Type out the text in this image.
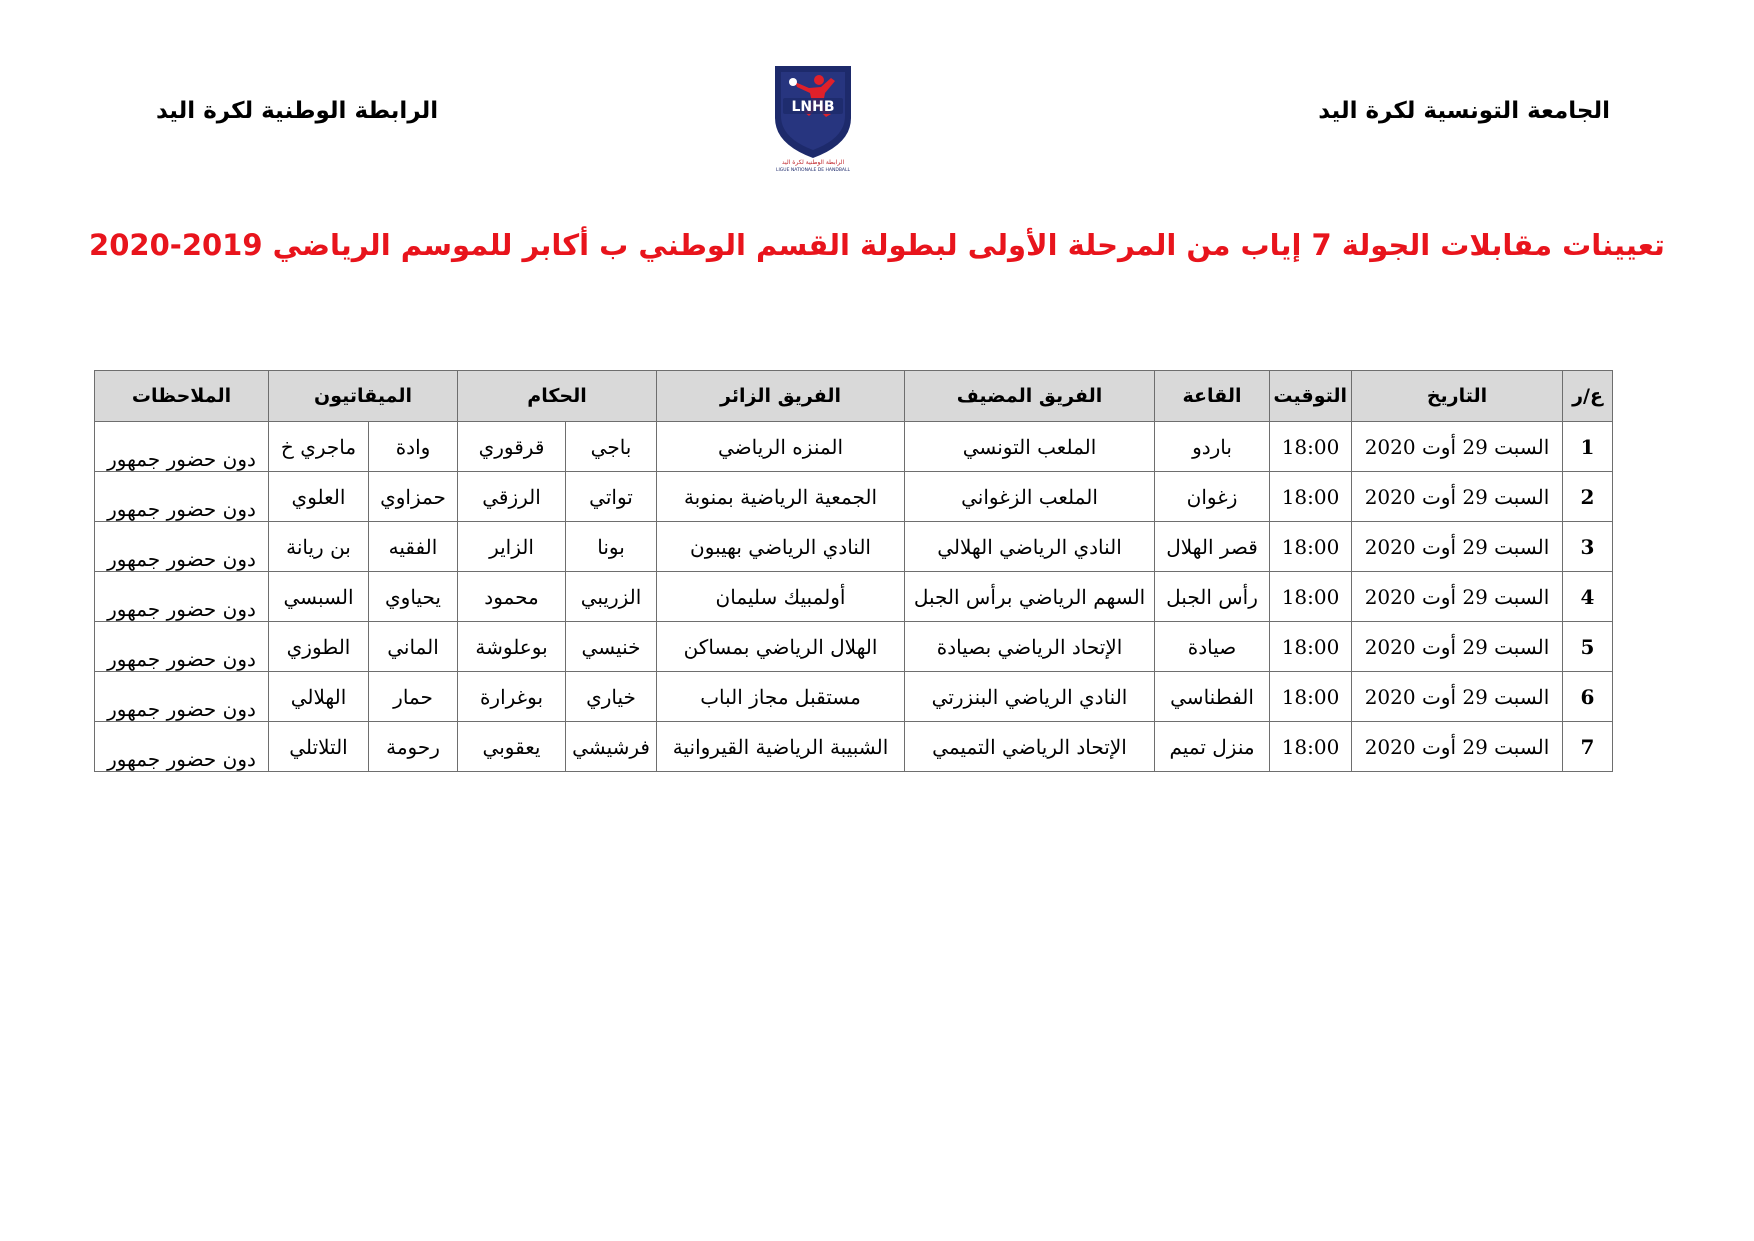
الجامعة التونسية لكرة اليد
LNHB
الرابطة الوطنية لكرة اليد
LIGUE NATIONALE DE HANDBALL
الرابطة الوطنية لكرة اليد
تعيينات مقابلات الجولة 7 إياب من المرحلة الأولى لبطولة القسم الوطني ب أكابر للموسم الرياضي 2019-2020
ع/ر	التاريخ	التوقيت	القاعة	الفريق المضيف	الفريق الزائر	الحكام		الميقاتيون		الملاحظات
1	السبت 29 أوت 2020	18:00	باردو	الملعب التونسي	المنزه الرياضي	باجي	قرقوري	وادة	ماجري خ	دون حضور جمهور
2	السبت 29 أوت 2020	18:00	زغوان	الملعب الزغواني	الجمعية الرياضية بمنوبة	تواتي	الرزقي	حمزاوي	العلوي	دون حضور جمهور
3	السبت 29 أوت 2020	18:00	قصر الهلال	النادي الرياضي الهلالي	النادي الرياضي بهيبون	بونا	الزاير	الفقيه	بن ريانة	دون حضور جمهور
4	السبت 29 أوت 2020	18:00	رأس الجبل	السهم الرياضي برأس الجبل	أولمبيك سليمان	الزريبي	محمود	يحياوي	السبسي	دون حضور جمهور
5	السبت 29 أوت 2020	18:00	صيادة	الإتحاد الرياضي بصيادة	الهلال الرياضي بمساكن	خنيسي	بوعلوشة	الماني	الطوزي	دون حضور جمهور
6	السبت 29 أوت 2020	18:00	الفطناسي	النادي الرياضي البنزرتي	مستقبل مجاز الباب	خياري	بوغرارة	حمار	الهلالي	دون حضور جمهور
7	السبت 29 أوت 2020	18:00	منزل تميم	الإتحاد الرياضي التميمي	الشبيبة الرياضية القيروانية	فرشيشي	يعقوبي	رحومة	التلاتلي	دون حضور جمهور
